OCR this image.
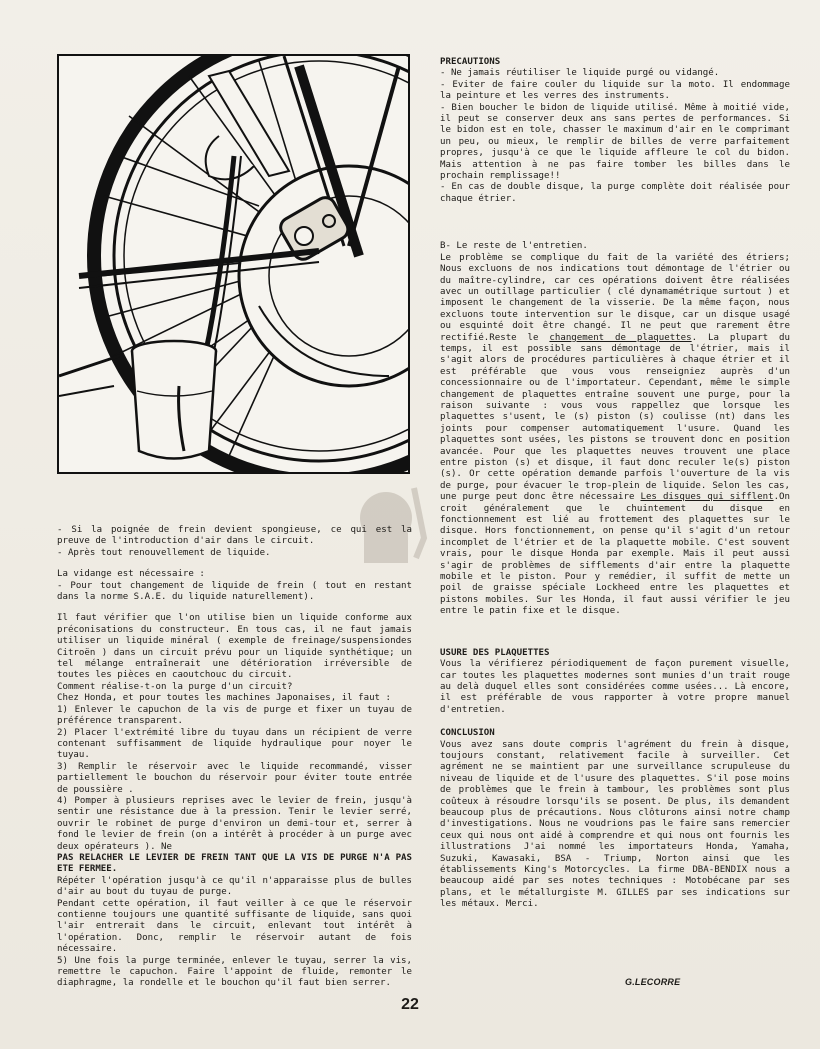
- Si la poignée de frein devient spongieuse, ce qui est la preuve de l'introduction d'air dans le circuit.

- Après tout renouvellement de liquide.

La vidange est nécessaire :

- Pour tout changement de liquide de frein ( tout en restant dans la norme S.A.E. du liquide naturellement).

Il faut vérifier que l'on utilise bien un liquide conforme aux préconisations du constructeur. En tous cas, il ne faut jamais utiliser un liquide minéral ( exemple de freinage/suspensiondes Citroën ) dans un circuit prévu pour un liquide synthétique; un tel mélange entraînerait une détérioration irréversible de toutes les pièces en caoutchouc du circuit.

Comment réalise-t-on la purge d'un circuit?

Chez Honda, et pour toutes les machines Japonaises, il faut :

1) Enlever le capuchon de la vis de purge et fixer un tuyau de préférence transparent.

2) Placer l'extrémité libre du tuyau dans un récipient de verre contenant suffisamment de liquide hydraulique pour noyer le tuyau.

3) Remplir le réservoir avec le liquide recommandé, visser partiellement le bouchon du réservoir pour éviter toute entrée de poussière .

4) Pomper à plusieurs reprises avec le levier de frein, jusqu'à sentir une résistance due à la pression. Tenir le levier serré, ouvrir le robinet de purge d'environ un demi-tour et, serrer à fond le levier de frein (on a intérêt à procéder à un purge avec deux opérateurs ). Ne

PAS RELACHER LE LEVIER DE FREIN TANT QUE LA VIS DE PURGE N'A PAS ETE FERMEE.

Répéter l'opération jusqu'à ce qu'il n'apparaisse plus de bulles d'air au bout du tuyau de purge.

Pendant cette opération, il faut veiller à ce que le réservoir contienne toujours une quantité suffisante de liquide, sans quoi l'air entrerait dans le circuit, enlevant tout intérêt à l'opération. Donc, remplir le réservoir autant de fois nécessaire.

5) Une fois la purge terminée, enlever le tuyau, serrer la vis, remettre le capuchon. Faire l'appoint de fluide, remonter le diaphragme, la rondelle et le bouchon qu'il faut bien serrer.

PRECAUTIONS

- Ne jamais réutiliser le liquide purgé ou vidangé.

- Eviter de faire couler du liquide sur la moto. Il endommage la peinture et les verres des instruments.

- Bien boucher le bidon de liquide utilisé. Même à moitié vide, il peut se conserver deux ans sans pertes de performances. Si le bidon est en tole, chasser le maximum d'air en le comprimant un peu, ou mieux, le remplir de billes de verre parfaitement propres, jusqu'à ce que le liquide affleure le col du bidon. Mais attention à ne pas faire tomber les billes dans le prochain remplissage!!

- En cas de double disque, la purge complète doit réalisée pour chaque étrier.

B- Le reste de l'entretien.

Le problème se complique du fait de la variété des étriers; Nous excluons de nos indications tout démontage de l'étrier ou du maître-cylindre, car ces opérations doivent être réalisées avec un outillage particulier ( clé dynamamétrique surtout ) et imposent le changement de la visserie. De la même façon, nous excluons toute intervention sur le disque, car un disque usagé ou esquinté doit être changé. Il ne peut que rarement être rectifié.Reste le changement de plaquettes. La plupart du temps, il est possible sans démontage de l'étrier, mais il s'agit alors de procédures particulières à chaque étrier et il est préférable que vous vous renseigniez auprès d'un concessionnaire ou de l'importateur. Cependant, même le simple changement de plaquettes entraîne souvent une purge, pour la raison suivante : vous vous rappellez que lorsque les plaquettes s'usent, le (s) piston (s) coulisse (nt) dans les joints pour compenser automatiquement l'usure. Quand les plaquettes sont usées, les pistons se trouvent donc en position avancée. Pour que les plaquettes neuves trouvent une place entre piston (s) et disque, il faut donc reculer le(s) piston (s). Or cette opération demande parfois l'ouverture de la vis de purge, pour évacuer le trop-plein de liquide. Selon les cas, une purge peut donc être nécessaire Les disques qui sifflent.On croit généralement que le chuintement du disque en fonctionnement est lié au frottement des plaquettes sur le disque. Hors fonctionnement, on pense qu'il s'agit d'un retour incomplet de l'étrier et de la plaquette mobile. C'est souvent vrais, pour le disque Honda par exemple. Mais il peut aussi s'agir de problèmes de sifflements d'air entre la plaquette mobile et le piston. Pour y remédier, il suffit de mette un poil de graisse spéciale Lockheed entre les plaquettes et pistons mobiles. Sur les Honda, il faut aussi vérifier le jeu entre le patin fixe et le disque.

USURE DES PLAQUETTES

Vous la vérifierez périodiquement de façon purement visuelle, car toutes les plaquettes modernes sont munies d'un trait rouge au delà duquel elles sont considérées comme usées... Là encore, il est préférable de vous rapporter à votre propre manuel d'entretien.

CONCLUSION

Vous avez sans doute compris l'agrément du frein à disque, toujours constant, relativement facile à surveiller. Cet agrément ne se maintient par une surveillance scrupuleuse du niveau de liquide et de l'usure des plaquettes. S'il pose moins de problèmes que le frein à tambour, les problèmes sont plus coûteux à résoudre lorsqu'ils se posent. De plus, ils demandent beaucoup plus de précautions. Nous clôturons ainsi notre champ d'investigations. Nous ne voudrions pas le faire sans remercier ceux qui nous ont aidé à comprendre et qui nous ont fournis les illustrations J'ai nommé les importateurs Honda, Yamaha, Suzuki, Kawasaki, BSA - Triump, Norton ainsi que les établissements King's Motorcycles. La firme DBA-BENDIX nous a beaucoup aidé par ses notes techniques : Motobécane par ses plans, et le métallurgiste M. GILLES par ses indications sur les métaux. Merci.

G.LECORRE
22
